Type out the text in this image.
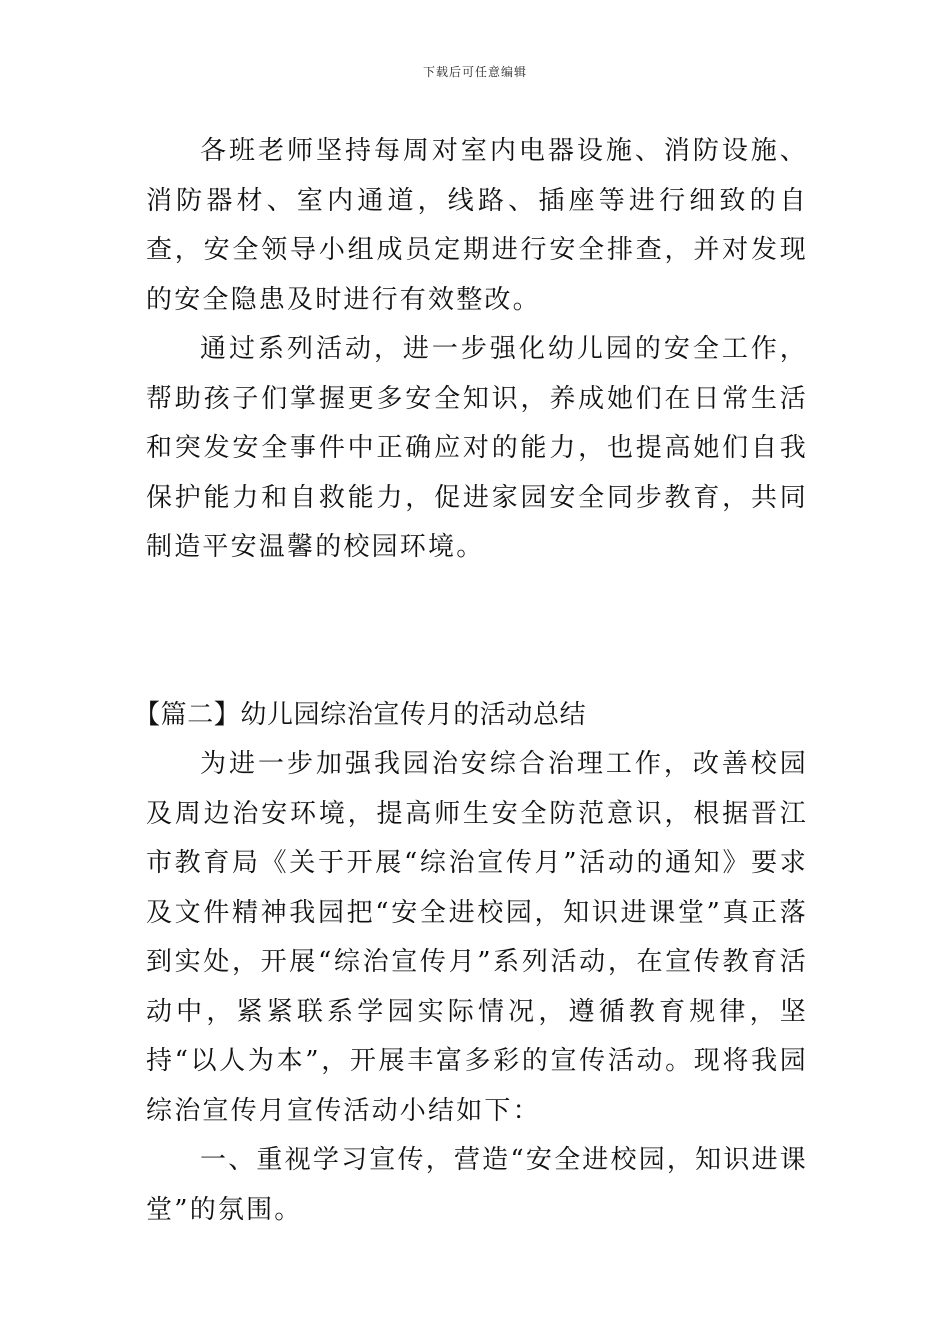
下载后可任意编辑

各班老师坚持每周对室内电器设施、消防设施、消防器材、室内通道，线路、插座等进行细致的自查，安全领导小组成员定期进行安全排查，并对发现的安全隐患及时进行有效整改。

通过系列活动，进一步强化幼儿园的安全工作，帮助孩子们掌握更多安全知识，养成她们在日常生活和突发安全事件中正确应对的能力，也提高她们自我保护能力和自救能力，促进家园安全同步教育，共同制造平安温馨的校园环境。

【篇二】幼儿园综治宣传月的活动总结

为进一步加强我园治安综合治理工作，改善校园及周边治安环境，提高师生安全防范意识，根据晋江市教育局《关于开展“综治宣传月”活动的通知》要求及文件精神我园把“安全进校园，知识进课堂”真正落到实处，开展“综治宣传月”系列活动，在宣传教育活动中，紧紧联系学园实际情况，遵循教育规律，坚持“以人为本”，开展丰富多彩的宣传活动。现将我园综治宣传月宣传活动小结如下：

一、重视学习宣传，营造“安全进校园，知识进课堂”的氛围。
